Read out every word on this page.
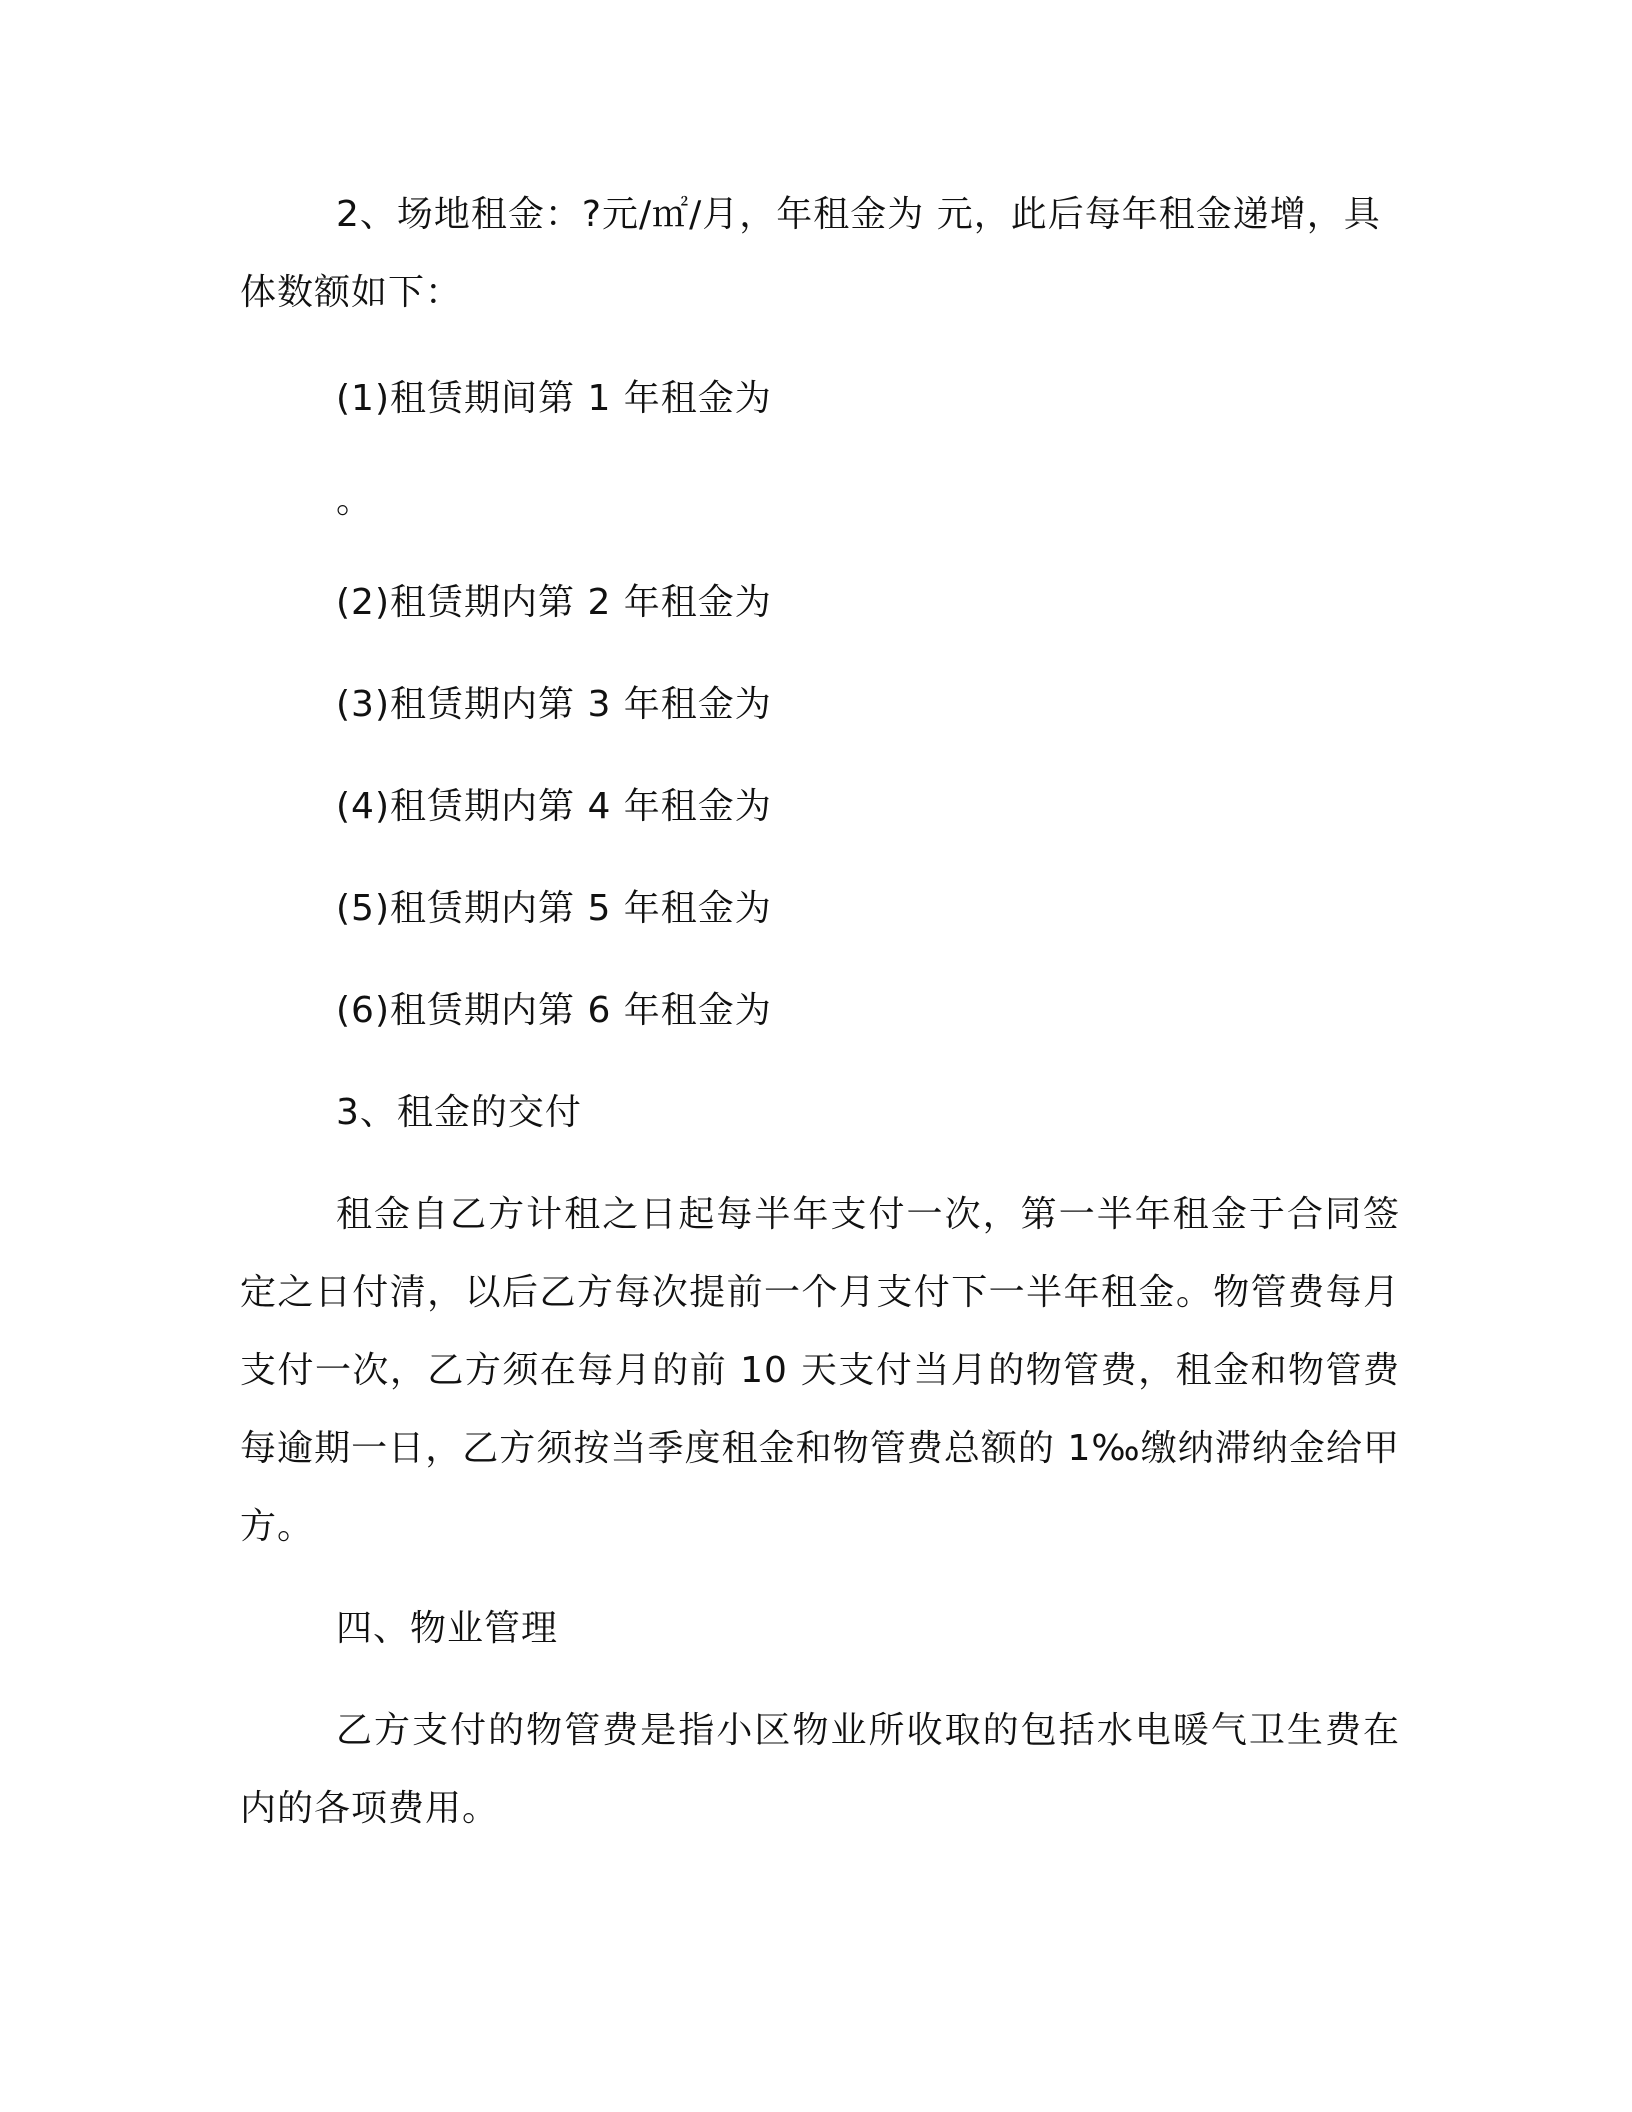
2、场地租金：?元/㎡/月，年租金为 元，此后每年租金递增，具
体数额如下：
(1)租赁期间第 1 年租金为
。
(2)租赁期内第 2 年租金为
(3)租赁期内第 3 年租金为
(4)租赁期内第 4 年租金为
(5)租赁期内第 5 年租金为
(6)租赁期内第 6 年租金为
3、租金的交付
租金自乙方计租之日起每半年支付一次，第一半年租金于合同签定之日付清，以后乙方每次提前一个月支付下一半年租金。物管费每月支付一次，乙方须在每月的前 10 天支付当月的物管费，租金和物管费每逾期一日，乙方须按当季度租金和物管费总额的 1‰缴纳滞纳金给甲方。
四、物业管理
乙方支付的物管费是指小区物业所收取的包括水电暖气卫生费在内的各项费用。
